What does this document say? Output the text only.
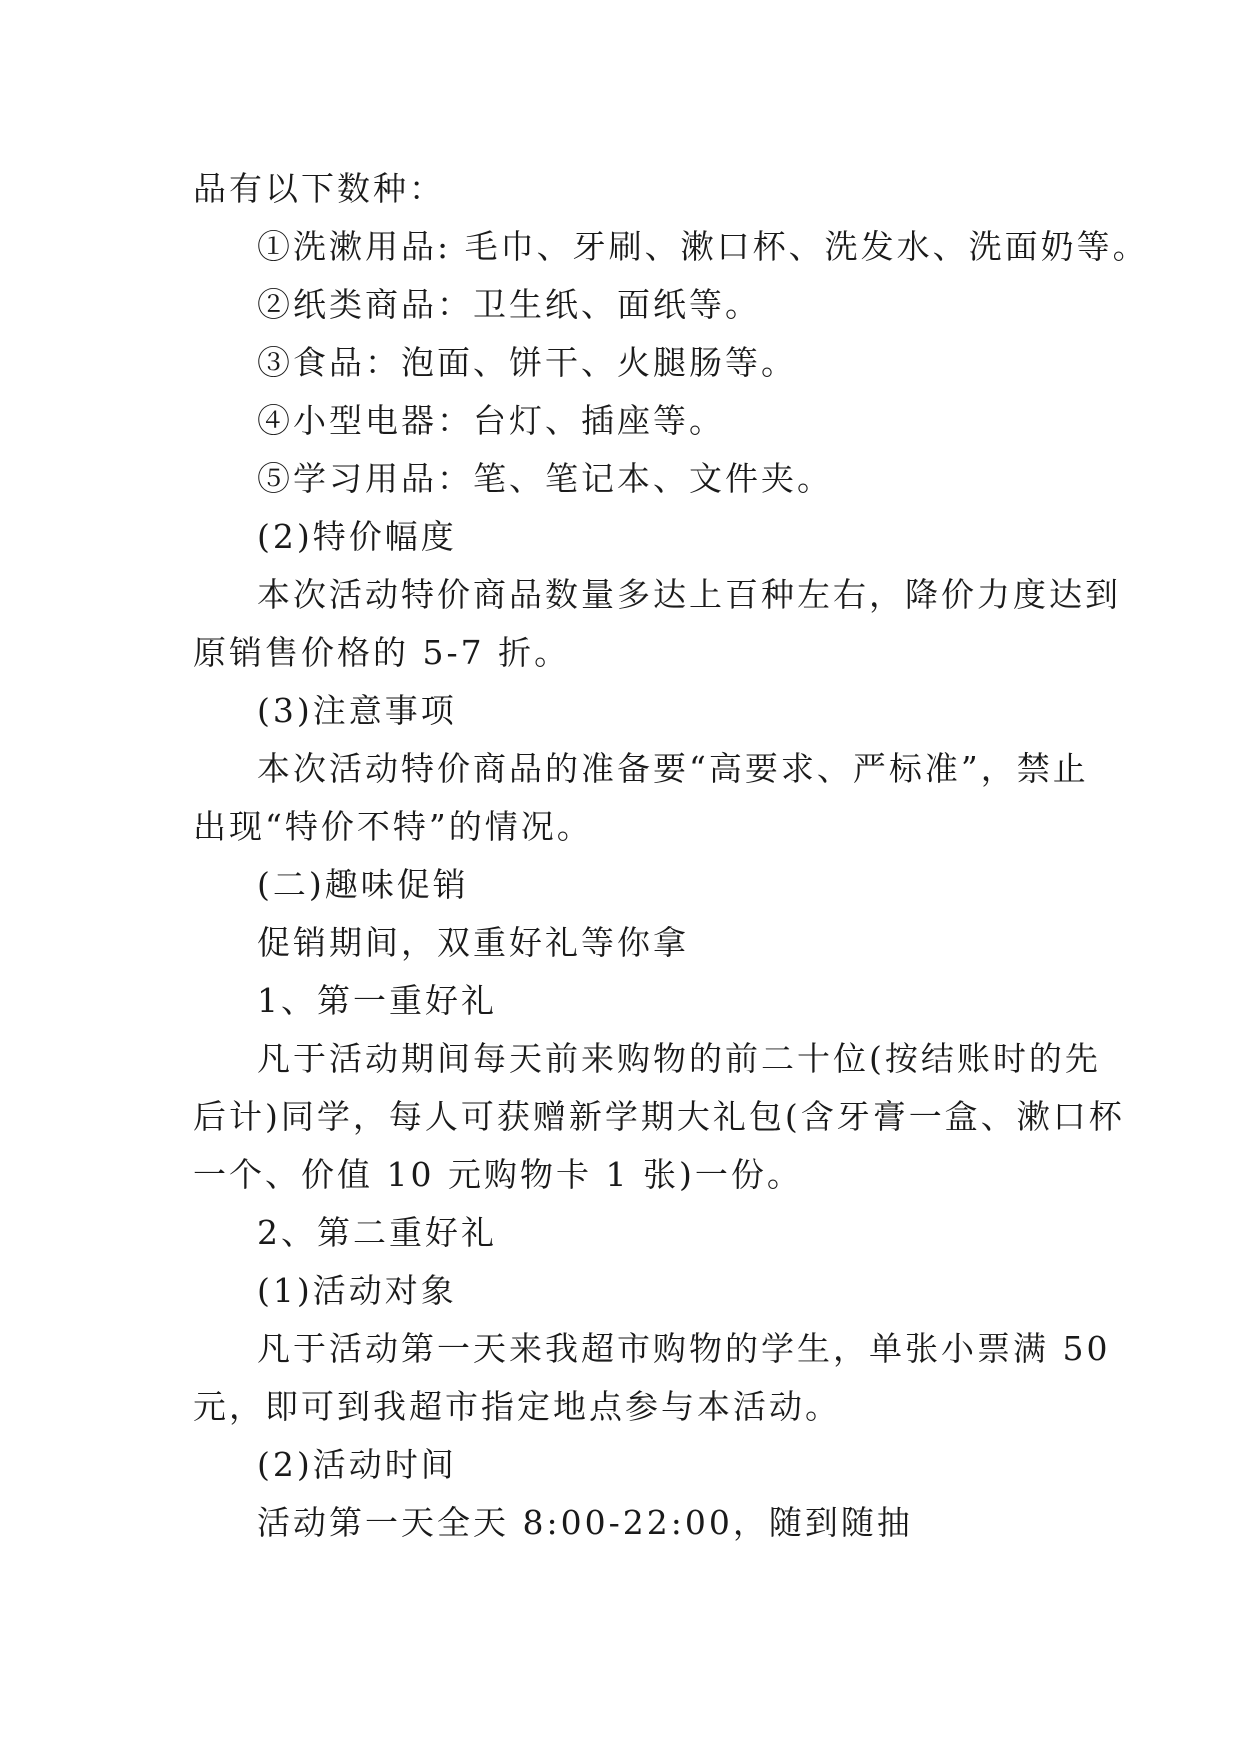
品有以下数种：
①洗漱用品: 毛巾、牙刷、漱口杯、洗发水、洗面奶等。
②纸类商品：卫生纸、面纸等。
③食品：泡面、饼干、火腿肠等。
④小型电器：台灯、插座等。
⑤学习用品：笔、笔记本、文件夹。
(2)特价幅度
本次活动特价商品数量多达上百种左右，降价力度达到
原销售价格的 5-7 折。
(3)注意事项
本次活动特价商品的准备要“高要求、严标准”，禁止
出现“特价不特”的情况。
(二)趣味促销
促销期间，双重好礼等你拿
1、第一重好礼
凡于活动期间每天前来购物的前二十位(按结账时的先
后计)同学，每人可获赠新学期大礼包(含牙膏一盒、漱口杯
一个、价值 10 元购物卡 1 张)一份。
2、第二重好礼
(1)活动对象
凡于活动第一天来我超市购物的学生，单张小票满 50
元，即可到我超市指定地点参与本活动。
(2)活动时间
活动第一天全天 8:00-22:00，随到随抽
